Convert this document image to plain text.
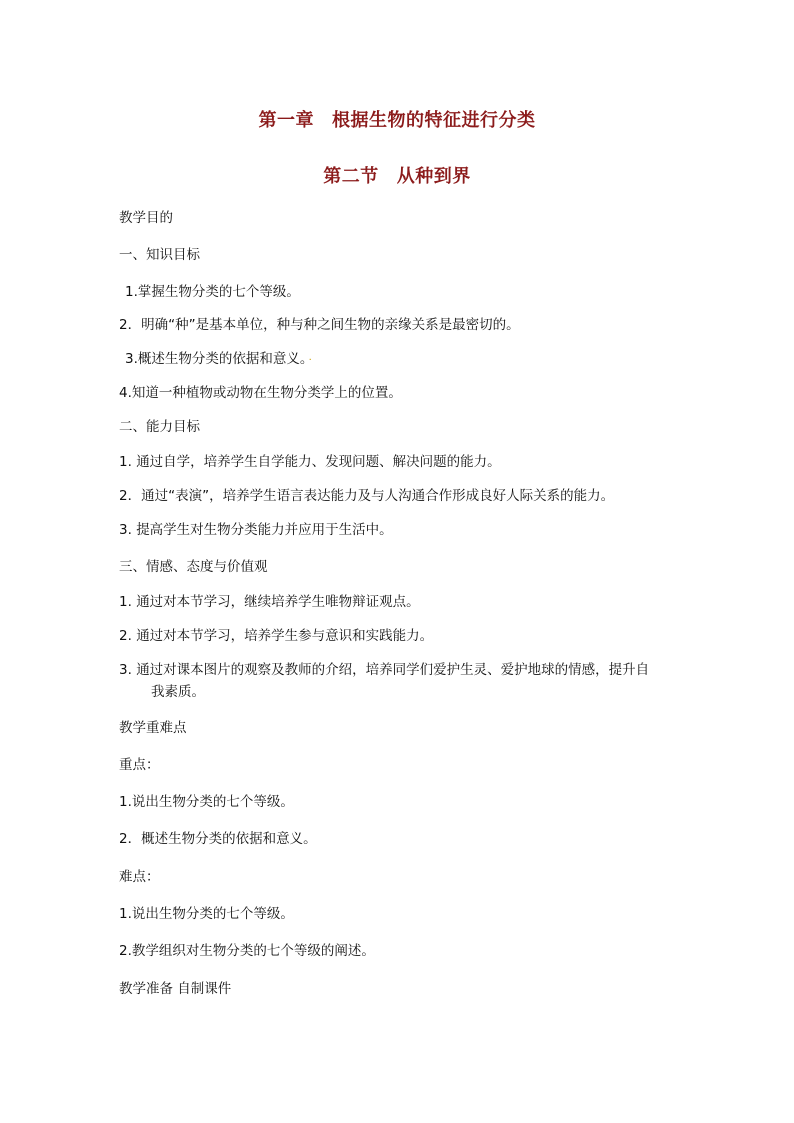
第一章 根据生物的特征进行分类
第二节 从种到界
教学目的
一、知识目标
1.掌握生物分类的七个等级。
2．明确“种”是基本单位，种与种之间生物的亲缘关系是最密切的。
3.概述生物分类的依据和意义。 ·
4.知道一种植物或动物在生物分类学上的位置。
二、能力目标
1. 通过自学，培养学生自学能力、发现问题、解决问题的能力。
2．通过“表演”，培养学生语言表达能力及与人沟通合作形成良好人际关系的能力。
3. 提高学生对生物分类能力并应用于生活中。
三、情感、态度与价值观
1. 通过对本节学习，继续培养学生唯物辩证观点。
2. 通过对本节学习，培养学生参与意识和实践能力。
3. 通过对课本图片的观察及教师的介绍，培养同学们爱护生灵、爱护地球的情感，提升自
我素质。
教学重难点
重点：
1.说出生物分类的七个等级。
2．概述生物分类的依据和意义。
难点：
1.说出生物分类的七个等级。
2.教学组织对生物分类的七个等级的阐述。
教学准备 自制课件
